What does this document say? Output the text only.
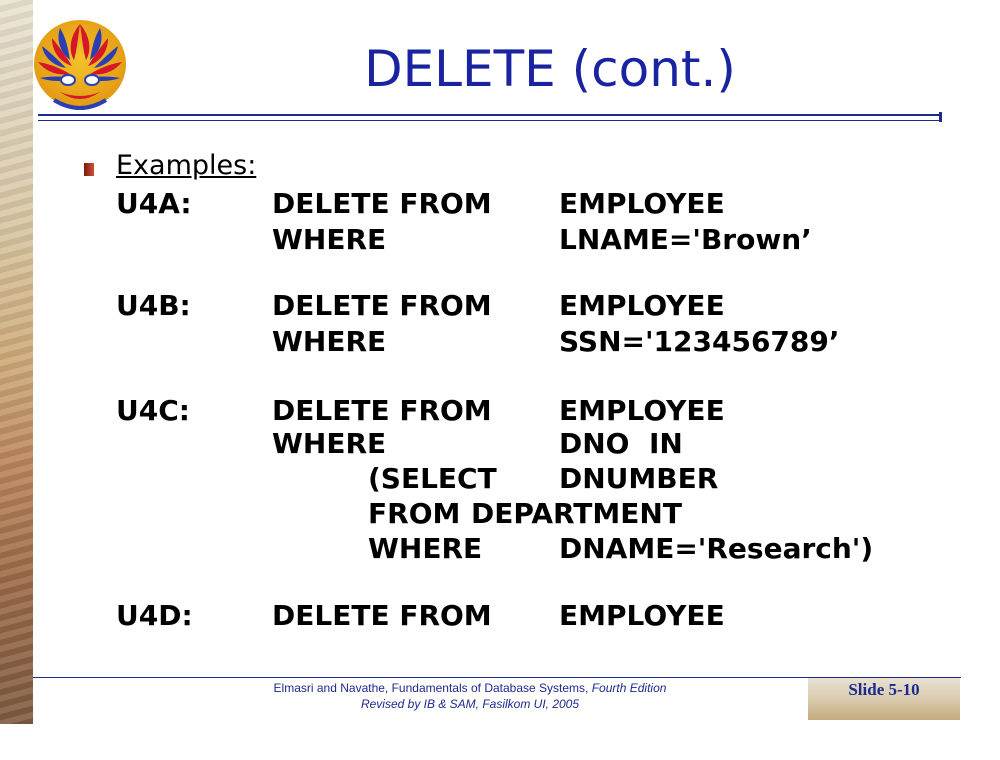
DELETE (cont.)
Examples:
U4A:	DELETE FROM EMPLOYEE
WHERE	LNAME='Brown’
U4B:	DELETE FROM EMPLOYEE
WHERE	SSN='123456789’
U4C:	DELETE FROM EMPLOYEE
WHERE	DNO  IN
(SELECT DNUMBER
FROM DEPARTMENT
WHERE	DNAME='Research')
U4D:	DELETE FROM EMPLOYEE
Elmasri and Navathe, Fundamentals of Database Systems, Fourth Edition
Revised by IB & SAM, Fasilkom UI, 2005
Slide 5-10
